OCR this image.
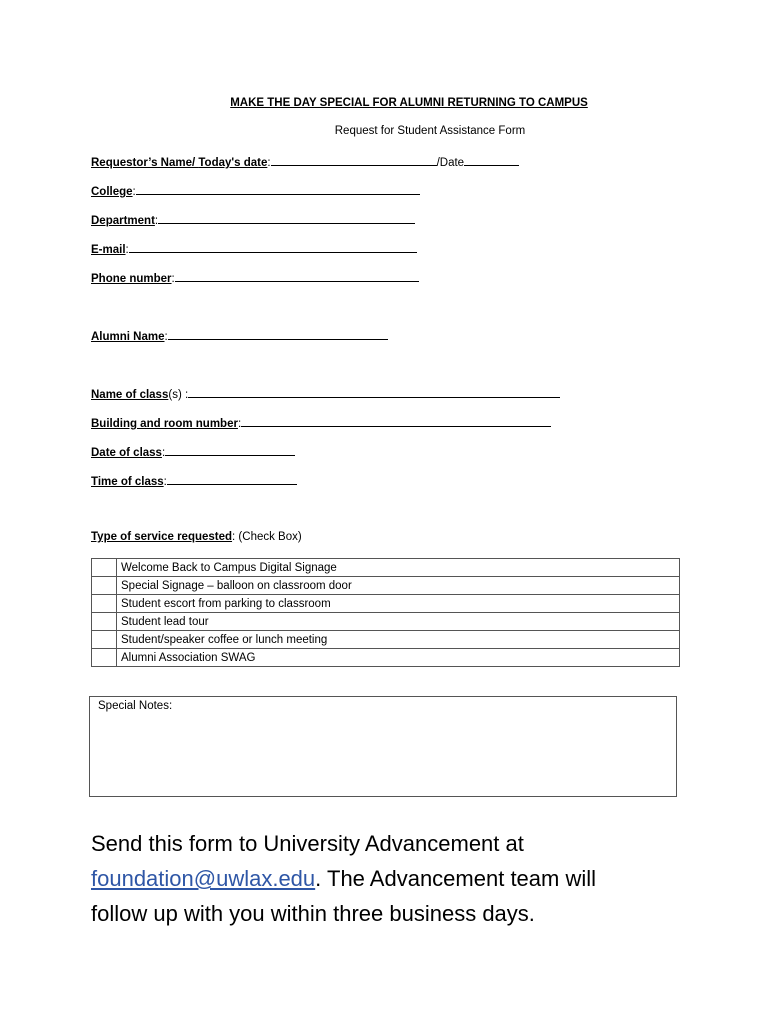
MAKE THE DAY SPECIAL FOR ALUMNI RETURNING TO CAMPUS
Request for Student Assistance Form
Requestor’s Name/ Today's date:	/Date
College:
Department:
E-mail:
Phone number:
Alumni Name:
Name of class(s) :
Building and room number:
Date of class:
Time of class:
Type of service requested: (Check Box)
	Welcome Back to Campus Digital Signage
	Special Signage – balloon on classroom door
	Student escort from parking to classroom
	Student lead tour
	Student/speaker coffee or lunch meeting
	Alumni Association SWAG
Special Notes:
Send this form to University Advancement at
foundation@uwlax.edu. The Advancement team will
follow up with you within three business days.
